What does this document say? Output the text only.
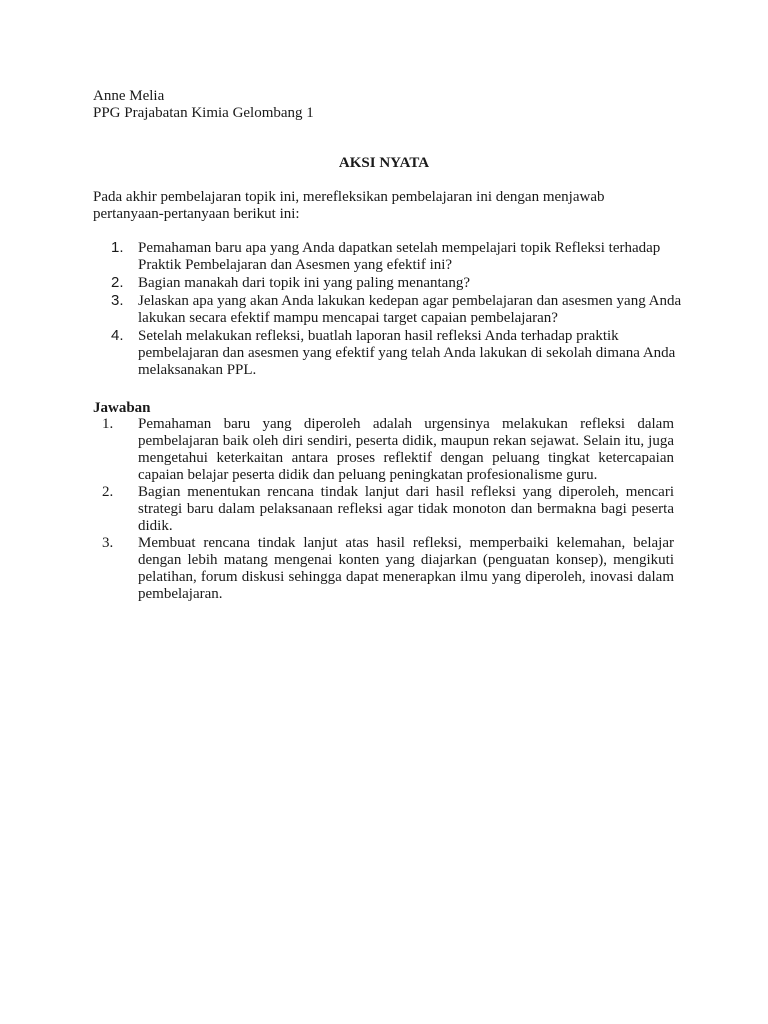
Anne Melia
PPG Prajabatan Kimia Gelombang 1
AKSI NYATA
Pada akhir pembelajaran topik ini, merefleksikan pembelajaran ini dengan menjawab pertanyaan-pertanyaan berikut ini:
1. Pemahaman baru apa yang Anda dapatkan setelah mempelajari topik Refleksi terhadap Praktik Pembelajaran dan Asesmen yang efektif ini?
2. Bagian manakah dari topik ini yang paling menantang?
3. Jelaskan apa yang akan Anda lakukan kedepan agar pembelajaran dan asesmen yang Anda lakukan secara efektif mampu mencapai target capaian pembelajaran?
4. Setelah melakukan refleksi, buatlah laporan hasil refleksi Anda terhadap praktik pembelajaran dan asesmen yang efektif yang telah Anda lakukan di sekolah dimana Anda melaksanakan PPL.
Jawaban
1. Pemahaman baru yang diperoleh adalah urgensinya melakukan refleksi dalam pembelajaran baik oleh diri sendiri, peserta didik, maupun rekan sejawat. Selain itu, juga mengetahui keterkaitan antara proses reflektif dengan peluang tingkat ketercapaian capaian belajar peserta didik dan peluang peningkatan profesionalisme guru.
2. Bagian menentukan rencana tindak lanjut dari hasil refleksi yang diperoleh, mencari strategi baru dalam pelaksanaan refleksi agar tidak monoton dan bermakna bagi peserta didik.
3. Membuat rencana tindak lanjut atas hasil refleksi, memperbaiki kelemahan, belajar dengan lebih matang mengenai konten yang diajarkan (penguatan konsep), mengikuti pelatihan, forum diskusi sehingga dapat menerapkan ilmu yang diperoleh, inovasi dalam pembelajaran.
